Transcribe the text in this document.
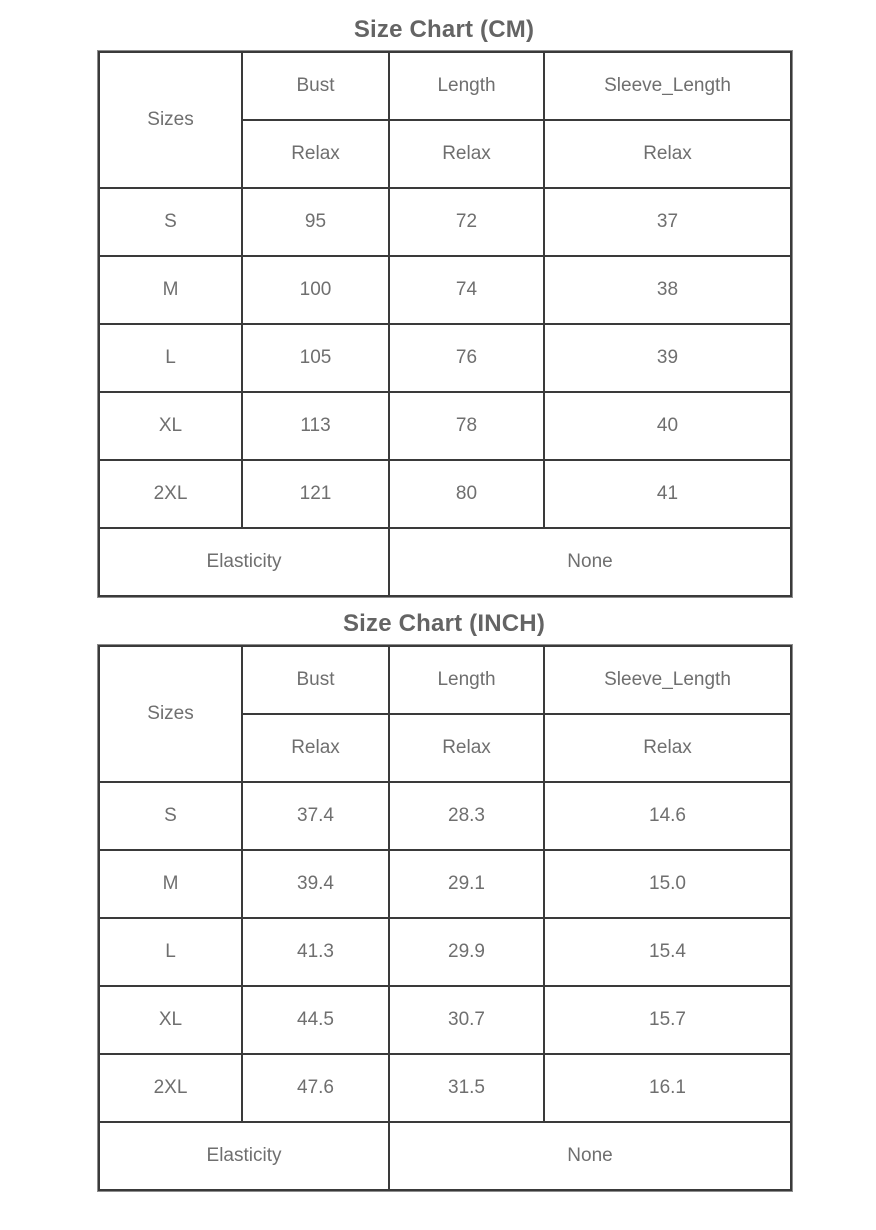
Size Chart (CM)
Sizes	Bust	Length	Sleeve_Length
	Relax	Relax	Relax
S	95	72	37
M	100	74	38
L	105	76	39
XL	113	78	40
2XL	121	80	41
Elasticity		None	
Size Chart (INCH)
Sizes	Bust	Length	Sleeve_Length
	Relax	Relax	Relax
S	37.4	28.3	14.6
M	39.4	29.1	15.0
L	41.3	29.9	15.4
XL	44.5	30.7	15.7
2XL	47.6	31.5	16.1
Elasticity		None	
